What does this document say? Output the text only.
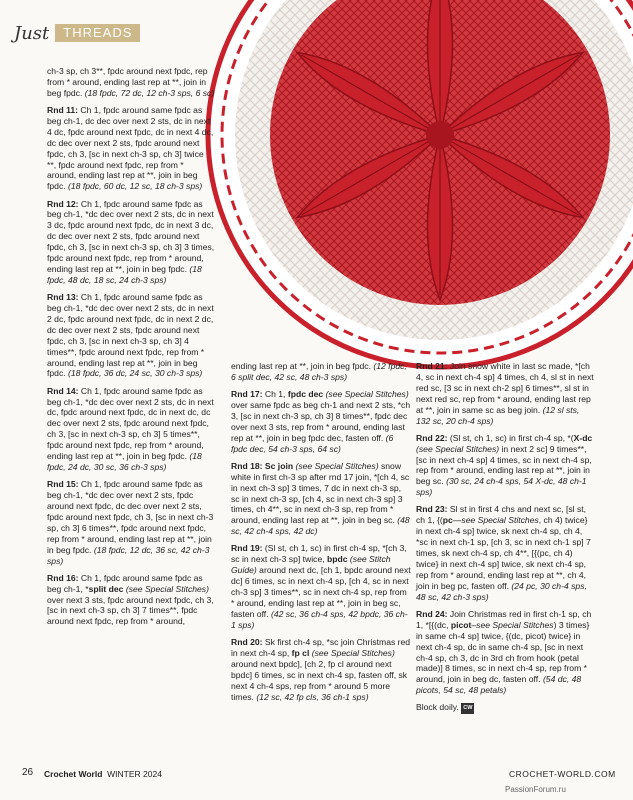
Just	THREADS

ch-3 sp, ch 3**, fpdc around next fpdc, rep from * around, ending last rep at **, join in beg fpdc. (18 fpdc, 72 dc, 12 ch-3 sps, 6 sc)

Rnd 11: Ch 1, fpdc around same fpdc as beg ch-1, dc dec over next 2 sts, dc in next 4 dc, fpdc around next fpdc, dc in next 4 dc, dc dec over next 2 sts, fpdc around next fpdc, ch 3, [sc in next ch-3 sp, ch 3] twice **, fpdc around next fpdc, rep from * around, ending last rep at **, join in beg fpdc. (18 fpdc, 60 dc, 12 sc, 18 ch-3 sps)

Rnd 12: Ch 1, fpdc around same fpdc as beg ch-1, *dc dec over next 2 sts, dc in next 3 dc, fpdc around next fpdc, dc in next 3 dc, dc dec over next 2 sts, fpdc around next fpdc, ch 3, [sc in next ch-3 sp, ch 3] 3 times, fpdc around next fpdc, rep from * around, ending last rep at **, join in beg fpdc. (18 fpdc, 48 dc, 18 sc, 24 ch-3 sps)

Rnd 13: Ch 1, fpdc around same fpdc as beg ch-1, *dc dec over next 2 sts, dc in next 2 dc, fpdc around next fpdc, dc in next 2 dc, dc dec over next 2 sts, fpdc around next fpdc, ch 3, [sc in next ch-3 sp, ch 3] 4 times**, fpdc around next fpdc, rep from * around, ending last rep at **, join in beg fpdc. (18 fpdc, 36 dc, 24 sc, 30 ch-3 sps)

Rnd 14: Ch 1, fpdc around same fpdc as beg ch-1, *dc dec over next 2 sts, dc in next dc, fpdc around next fpdc, dc in next dc, dc dec over next 2 sts, fpdc around next fpdc, ch 3, [sc in next ch-3 sp, ch 3] 5 times**, fpdc around next fpdc, rep from * around, ending last rep at **, join in beg fpdc. (18 fpdc, 24 dc, 30 sc, 36 ch-3 sps)

Rnd 15: Ch 1, fpdc around same fpdc as beg ch-1, *dc dec over next 2 sts, fpdc around next fpdc, dc dec over next 2 sts, fpdc around next fpdc, ch 3, [sc in next ch-3 sp, ch 3] 6 times**, fpdc around next fpdc, rep from * around, ending last rep at **, join in beg fpdc. (18 fpdc, 12 dc, 36 sc, 42 ch-3 sps)

Rnd 16: Ch 1, fpdc around same fpdc as beg ch-1, *split dec (see Special Stitches) over next 3 sts, fpdc around next fpdc, ch 3, [sc in next ch-3 sp, ch 3] 7 times**, fpdc around next fpdc, rep from * around,

ending last rep at **, join in beg fpdc. (12 fpdc, 6 split dec, 42 sc, 48 ch-3 sps)

Rnd 17: Ch 1, fpdc dec (see Special Stitches) over same fpdc as beg ch-1 and next 2 sts, *ch 3, [sc in next ch-3 sp, ch 3] 8 times**, fpdc dec over next 3 sts, rep from * around, ending last rep at **, join in beg fpdc dec, fasten off. (6 fpdc dec, 54 ch-3 sps, 64 sc)

Rnd 18: Sc join (see Special Stitches) snow white in first ch-3 sp after rnd 17 join, *[ch 4, sc in next ch-3 sp] 3 times, 7 dc in next ch-3 sp, sc in next ch-3 sp, [ch 4, sc in next ch-3 sp] 3 times, ch 4**, sc in next ch-3 sp, rep from * around, ending last rep at **, join in beg sc. (48 sc, 42 ch-4 sps, 42 dc)

Rnd 19: (Sl st, ch 1, sc) in first ch-4 sp, *[ch 3, sc in next ch-3 sp] twice, bpdc (see Stitch Guide) around next dc, [ch 1, bpdc around next dc] 6 times, sc in next ch-4 sp, [ch 4, sc in next ch-3 sp] 3 times**, sc in next ch-4 sp, rep from * around, ending last rep at **, join in beg sc, fasten off. (42 sc, 36 ch-4 sps, 42 bpdc, 36 ch-1 sps)

Rnd 20: Sk first ch-4 sp, *sc join Christmas red in next ch-4 sp, fp cl (see Special Stitches) around next bpdc], [ch 2, fp cl around next bpdc] 6 times, sc in next ch-4 sp, fasten off, sk next 4 ch-4 sps, rep from * around 5 more times. (12 sc, 42 fp cls, 36 ch-1 sps)

Rnd 21: Join snow white in last sc made, *[ch 4, sc in next ch-4 sp] 4 times, ch 4, sl st in next red sc, [3 sc in next ch-2 sp] 6 times**, sl st in next red sc, rep from * around, ending last rep at **, join in same sc as beg join. (12 sl sts, 132 sc, 20 ch-4 sps)

Rnd 22: (Sl st, ch 1, sc) in first ch-4 sp, *(X-dc (see Special Stitches) in next 2 sc] 9 times**, [sc in next ch-4 sp] 4 times, sc in next ch-4 sp, rep from * around, ending last rep at **, join in beg sc. (30 sc, 24 ch-4 sps, 54 X-dc, 48 ch-1 sps)

Rnd 23: Sl st in first 4 chs and next sc, [sl st, ch 1, {(pc—see Special Stitches, ch 4) twice} in next ch-4 sp] twice, sk next ch-4 sp, ch 4, *sc in next ch-1 sp, [ch 3, sc in next ch-1 sp] 7 times, sk next ch-4 sp, ch 4**, [{(pc, ch 4) twice} in next ch-4 sp] twice, sk next ch-4 sp, rep from * around, ending last rep at **, ch 4, join in beg pc, fasten off. (24 pc, 30 ch-4 sps, 48 sc, 42 ch-3 sps)

Rnd 24: Join Christmas red in first ch-1 sp, ch 1, *[{(dc, picot–see Special Stitches) 3 times} in same ch-4 sp] twice, {(dc, picot) twice} in next ch-4 sp, dc in same ch-4 sp, [sc in next ch-4 sp, ch 3, dc in 3rd ch from hook (petal made)] 8 times, sc in next ch-4 sp, rep from * around, join in beg dc, fasten off. (54 dc, 48 picots, 54 sc, 48 petals)

Block doily. CW

26 Crochet World WINTER 2024	CROCHET-WORLD.COM
PassionForum.ru
